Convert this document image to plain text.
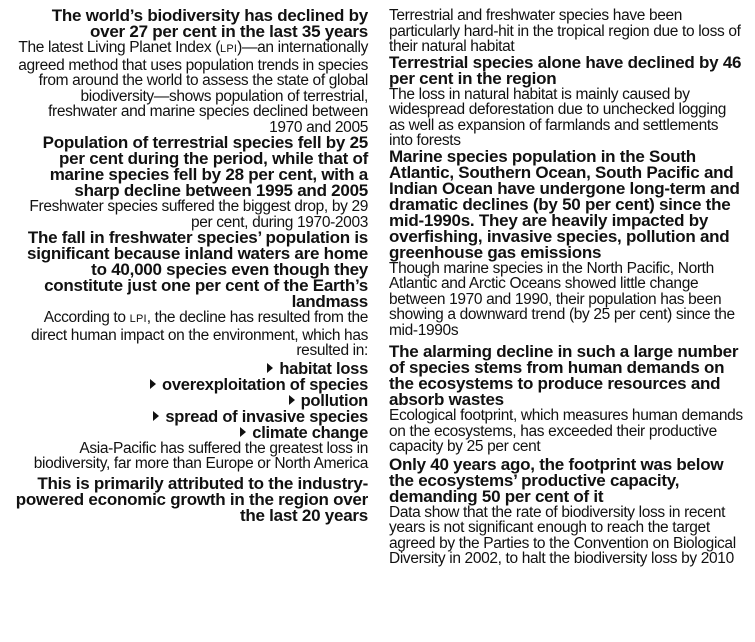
The world’s biodiversity has declined by over 27 per cent in the last 35 years

The latest Living Planet Index (LPI)—an internationally agreed method that uses population trends in species from around the world to assess the state of global biodiversity—shows population of terrestrial, freshwater and marine species declined between 1970 and 2005

Population of terrestrial species fell by 25 per cent during the period, while that of marine species fell by 28 per cent, with a sharp decline between 1995 and 2005

Freshwater species suffered the biggest drop, by 29 per cent, during 1970-2003

The fall in freshwater species’ population is significant because inland waters are home to 40,000 species even though they constitute just one per cent of the Earth’s landmass

According to LPI, the decline has resulted from the direct human impact on the environment, which has resulted in:

habitat loss
overexploitation of species
pollution
spread of invasive species
climate change

Asia-Pacific has suffered the greatest loss in biodiversity, far more than Europe or North America

This is primarily attributed to the industry-powered economic growth in the region over the last 20 years

Terrestrial and freshwater species have been particularly hard-hit in the tropical region due to loss of their natural habitat

Terrestrial species alone have declined by 46 per cent in the region

The loss in natural habitat is mainly caused by widespread deforestation due to unchecked logging as well as expansion of farmlands and settlements into forests

Marine species population in the South Atlantic, Southern Ocean, South Pacific and Indian Ocean have undergone long-term and dramatic declines (by 50 per cent) since the mid-1990s. They are heavily impacted by overfishing, invasive species, pollution and greenhouse gas emissions

Though marine species in the North Pacific, North Atlantic and Arctic Oceans showed little change between 1970 and 1990, their population has been showing a downward trend (by 25 per cent) since the mid-1990s

The alarming decline in such a large number of species stems from human demands on the ecosystems to produce resources and absorb wastes

Ecological footprint, which measures human demands on the ecosystems, has exceeded their productive capacity by 25 per cent

Only 40 years ago, the footprint was below the ecosystems’ productive capacity, demanding 50 per cent of it

Data show that the rate of biodiversity loss in recent years is not significant enough to reach the target agreed by the Parties to the Convention on Biological Diversity in 2002, to halt the biodiversity loss by 2010
